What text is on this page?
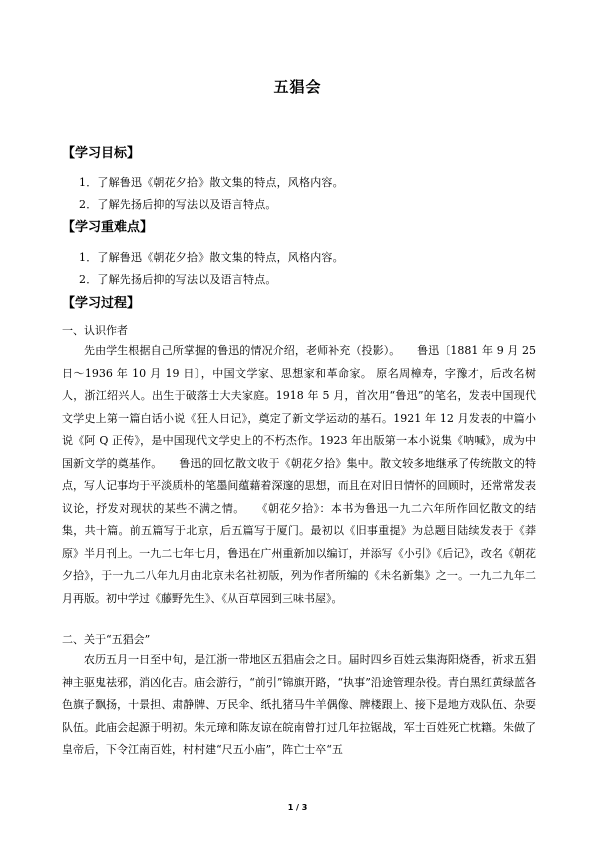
五猖会
【学习目标】
1．了解鲁迅《朝花夕拾》散文集的特点，风格内容。
2．了解先扬后抑的写法以及语言特点。
【学习重难点】
1．了解鲁迅《朝花夕拾》散文集的特点，风格内容。
2．了解先扬后抑的写法以及语言特点。
【学习过程】
一、认识作者

先由学生根据自己所掌握的鲁迅的情况介绍，老师补充（投影）。　　鲁迅〔1881 年 9 月 25 日～1936 年 10 月 19 日〕，中国文学家、思想家和革命家。 原名周樟寿，字豫才，后改名树人，浙江绍兴人。出生于破落士大夫家庭。1918 年 5 月，首次用“鲁迅”的笔名，发表中国现代文学史上第一篇白话小说《狂人日记》，奠定了新文学运动的基石。1921 年 12 月发表的中篇小说《阿 Q 正传》，是中国现代文学史上的不朽杰作。1923 年出版第一本小说集《呐喊》，成为中国新文学的奠基作。　　鲁迅的回忆散文收于《朝花夕拾》集中。散文较多地继承了传统散文的特点，写人记事均于平淡质朴的笔墨间蕴藉着深邃的思想，而且在对旧日情怀的回顾时，还常常发表议论，抒发对现状的某些不满之情。　　《朝花夕拾》：本书为鲁迅一九二六年所作回忆散文的结集，共十篇。前五篇写于北京，后五篇写于厦门。最初以《旧事重提》为总题目陆续发表于《莽原》半月刊上。一九二七年七月，鲁迅在广州重新加以编订，并添写《小引》《后记》，改名《朝花夕拾》，于一九二八年九月由北京未名社初版，列为作者所编的《未名新集》之一。一九二九年二月再版。初中学过《藤野先生》、《从百草园到三味书屋》。

二、关于“五猖会”

农历五月一日至中旬，是江浙一带地区五猖庙会之日。届时四乡百姓云集海阳烧香，祈求五猖神主驱鬼祛邪，消凶化吉。庙会游行，“前引”锦旗开路，“执事”沿途管理杂役。青白黑红黄绿蓝各色旗子飘扬，十景担、肃静牌、万民伞、纸扎猪马牛羊偶像、牌楼跟上、接下是地方戏队伍、杂耍队伍。此庙会起源于明初。朱元璋和陈友谅在皖南曾打过几年拉锯战，军士百姓死亡枕籍。朱做了皇帝后，下令江南百姓，村村建“尺五小庙”，阵亡士卒“五

1 / 3
